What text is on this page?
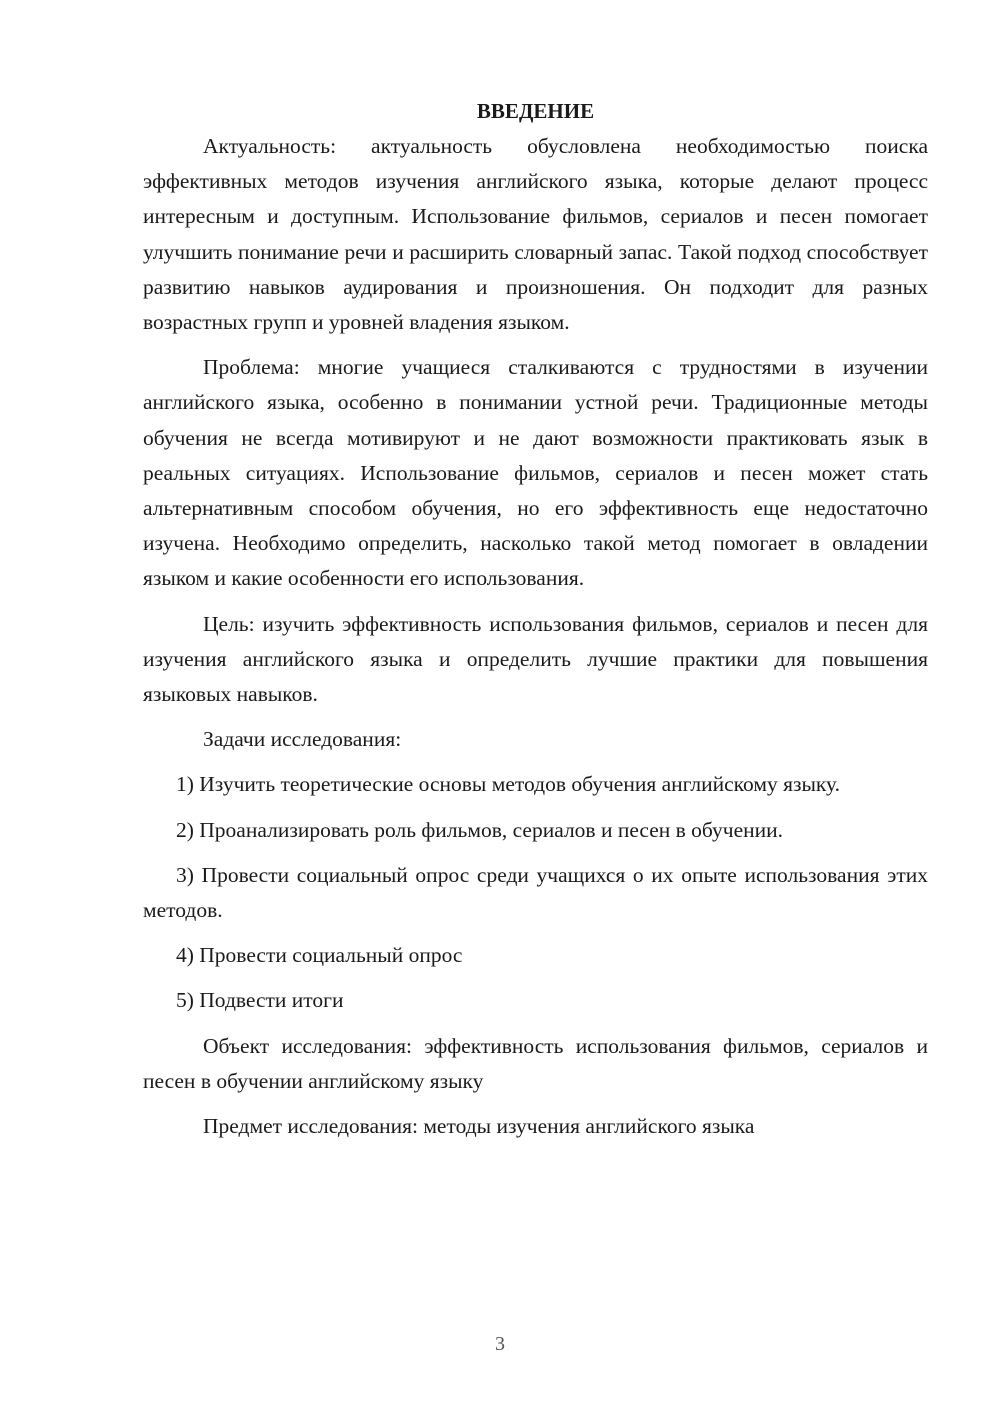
ВВЕДЕНИЕ

Актуальность: актуальность обусловлена необходимостью поиска эффективных методов изучения английского языка, которые делают процесс интересным и доступным. Использование фильмов, сериалов и песен помогает улучшить понимание речи и расширить словарный запас. Такой подход способствует развитию навыков аудирования и произношения. Он подходит для разных возрастных групп и уровней владения языком.

Проблема: многие учащиеся сталкиваются с трудностями в изучении английского языка, особенно в понимании устной речи. Традиционные методы обучения не всегда мотивируют и не дают возможности практиковать язык в реальных ситуациях. Использование фильмов, сериалов и песен может стать альтернативным способом обучения, но его эффективность еще недостаточно изучена. Необходимо определить, насколько такой метод помогает в овладении языком и какие особенности его использования.

Цель: изучить эффективность использования фильмов, сериалов и песен для изучения английского языка и определить лучшие практики для повышения языковых навыков.

Задачи исследования:

1) Изучить теоретические основы методов обучения английскому языку.

2) Проанализировать роль фильмов, сериалов и песен в обучении.

3) Провести социальный опрос среди учащихся о их опыте использования этих методов.

4) Провести социальный опрос

5) Подвести итоги

Объект исследования: эффективность использования фильмов, сериалов и песен в обучении английскому языку

Предмет исследования: методы изучения английского языка

3
